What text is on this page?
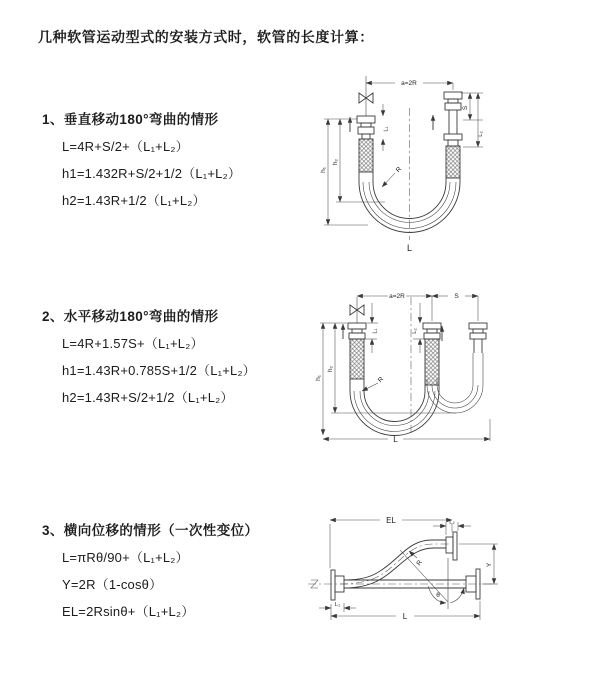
几种软管运动型式的安装方式时，软管的长度计算：
1、垂直移动180°弯曲的情形
L=4R+S/2+（L₁+L₂）
h1=1.432R+S/2+1/2（L₁+L₂）
h2=1.43R+1/2（L₁+L₂）
2、水平移动180°弯曲的情形
L=4R+1.57S+（L₁+L₂）
h1=1.43R+0.785S+1/2（L₁+L₂）
h2=1.43R+S/2+1/2（L₁+L₂）
3、横向位移的情形（一次性变位）
L=πRθ/90+（L₁+L₂）
Y=2R（1-cosθ）
EL=2Rsinθ+（L₁+L₂）
a=2R
L₁
h₁
h₂
S
L₂
R
L
a=2R	S
L₁	L₂
h₁
h₂
R
L
EL	L₂
Y
R
θ
L
L₁
